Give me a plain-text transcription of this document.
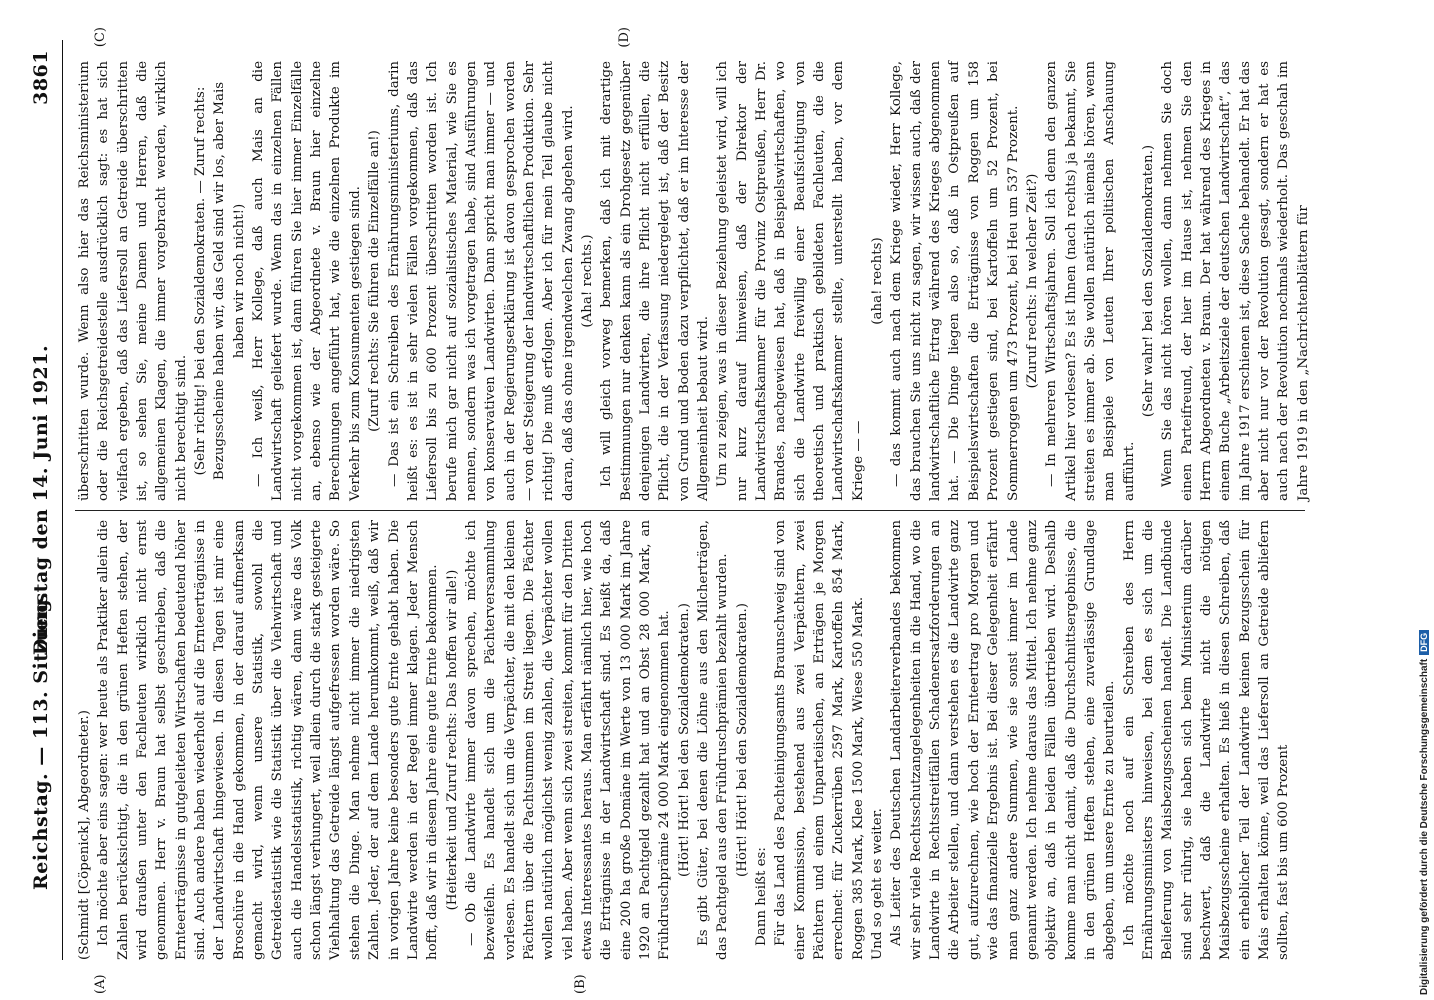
Reichstag. — 113. Sitzung.
Dienstag den 14. Juni 1921.
3861
(A)	(B)

(Schmidt [Cöpenick], Abgeordneter.) Ich möchte aber eins sagen: wer heute als Praktiker allein die Zahlen berücksichtigt, die in den grünen Heften stehen, der wird draußen unter den Fachleuten wirklich nicht ernst genommen. Herr v. Braun hat selbst geschrieben, daß die Ernteerträgnisse in gutgeleiteten Wirtschaften bedeutend höher sind. Auch andere haben wiederholt auf die Ernteerträgnisse in der Landwirtschaft hingewiesen. In diesen Tagen ist mir eine Broschüre in die Hand gekommen, in der darauf aufmerksam gemacht wird, wenn unsere Statistik, sowohl die Getreidestatistik wie die Statistik über die Viehwirtschaft und auch die Handelsstatistik, richtig wären, dann wäre das Volk schon längst verhungert, weil allein durch die stark gesteigerte Viehhaltung das Getreide längst aufgefressen worden wäre. So stehen die Dinge. Man nehme nicht immer die niedrigsten Zahlen. Jeder, der auf dem Lande herumkommt, weiß, daß wir in vorigen Jahre keine besonders gute Ernte gehabt haben. Die Landwirte werden in der Regel immer klagen. Jeder Mensch hofft, daß wir in diesem Jahre eine gute Ernte bekommen. (Heiterkeit und Zuruf rechts: Das hoffen wir alle!) — Ob die Landwirte immer davon sprechen, möchte ich bezweifeln. Es handelt sich um die Pächterversammlung vorlesen. Es handelt sich um die Verpächter, die mit den kleinen Pächtern über die Pachtsummen im Streit liegen. Die Pächter wollen natürlich möglichst wenig zahlen, die Verpächter wollen viel haben. Aber wenn sich zwei streiten, kommt für den Dritten etwas Interessantes heraus. Man erfährt nämlich hier, wie hoch die Erträgnisse in der Landwirtschaft sind. Es heißt da, daß eine 200 ha große Domäne im Werte von 13 000 Mark im Jahre 1920 an Pachtgeld gezahlt hat und an Obst 28 000 Mark, an Frühdruschprämie 24 000 Mark eingenommen hat. (Hört! Hört! bei den Sozialdemokraten.) Es gibt Güter, bei denen die Löhne aus den Milcherträgen, das Pachtgeld aus den Frühdruschprämien bezahlt wurden. (Hört! Hört! bei den Sozialdemokraten.)

Dann heißt es: Für das Land des Pachteinigungsamts Braunschweig sind von einer Kommission, bestehend aus zwei Verpächtern, zwei Pächtern und einem Unparteiischen, an Erträgen je Morgen errechnet: für Zuckerrüben 2597 Mark, Kartoffeln 854 Mark, Roggen 385 Mark, Klee 1500 Mark, Wiese 550 Mark. Und so geht es weiter. Als Leiter des Deutschen Landarbeiterverbandes bekommen wir sehr viele Rechtsschutzangelegenheiten in die Hand, wo die Landwirte in Rechtsstreitfällen Schadenersatzforderungen an die Arbeiter stellen, und dann verstehen es die Landwirte ganz gut, aufzurechnen, wie hoch der Ernteertrag pro Morgen und wie das finanzielle Ergebnis ist. Bei dieser Gelegenheit erfährt man ganz andere Summen, wie sie sonst immer im Lande genannt werden. Ich nehme daraus das Mittel. Ich nehme ganz objektiv an, daß in beiden Fällen übertrieben wird. Deshalb komme man nicht damit, daß die Durchschnittsergebnisse, die in den grünen Heften stehen, eine zuverlässige Grundlage abgeben, um unsere Ernte zu beurteilen. Ich möchte noch auf ein Schreiben des Herrn Ernährungsministers hinweisen, bei dem es sich um die Belieferung von Maisbezugsscheinen handelt. Die Landbünde sind sehr rührig, sie haben sich beim Ministerium darüber beschwert, daß die Landwirte nicht die nötigen Maisbezugsscheine erhalten. Es hieß in diesen Schreiben, daß ein erheblicher Teil der Landwirte keinen Bezugsschein für Mais erhalten könne, weil das Liefersoll an Getreide abliefern sollten, fast bis um 600 Prozent

(C)	(D)

überschritten wurde. Wenn also hier das Reichsministerium oder die Reichsgetreidestelle ausdrücklich sagt: es hat sich vielfach ergeben, daß das Liefersoll an Getreide überschritten ist, so sehen Sie, meine Damen und Herren, daß die allgemeinen Klagen, die immer vorgebracht werden, wirklich nicht berechtigt sind. (Sehr richtig! bei den Sozialdemokraten. — Zuruf rechts: Bezugsscheine haben wir, das Geld sind wir los, aber Mais haben wir noch nicht!) — Ich weiß, Herr Kollege, daß auch Mais an die Landwirtschaft geliefert wurde. Wenn das in einzelnen Fällen nicht vorgekommen ist, dann führen Sie hier immer Einzelfälle an, ebenso wie der Abgeordnete v. Braun hier einzelne Berechnungen angeführt hat, wie die einzelnen Produkte im Verkehr bis zum Konsumenten gestiegen sind. (Zuruf rechts: Sie führen die Einzelfälle an!) — Das ist ein Schreiben des Ernährungsministeriums, darin heißt es: es ist in sehr vielen Fällen vorgekommen, daß das Liefersoll bis zu 600 Prozent überschritten worden ist. Ich berufe mich gar nicht auf sozialistisches Material, wie Sie es nennen, sondern was ich vorgetragen habe, sind Ausführungen von konservativen Landwirten. Dann spricht man immer — und auch in der Regierungserklärung ist davon gesprochen worden — von der Steigerung der landwirtschaftlichen Produktion. Sehr richtig! Die muß erfolgen. Aber ich für mein Teil glaube nicht daran, daß das ohne irgendwelchen Zwang abgehen wird. (Aha! rechts.) Ich will gleich vorweg bemerken, daß ich mit derartige Bestimmungen nur denken kann als ein Drohgesetz gegenüber denjenigen Landwirten, die ihre Pflicht nicht erfüllen, die Pflicht, die in der Verfassung niedergelegt ist, daß der Besitz von Grund und Boden dazu verpflichtet, daß er im Interesse der Allgemeinheit bebaut wird. Um zu zeigen, was in dieser Beziehung geleistet wird, will ich nur kurz darauf hinweisen, daß der Direktor der Landwirtschaftskammer für die Provinz Ostpreußen, Herr Dr. Brandes, nachgewiesen hat, daß in Beispielswirtschaften, wo sich die Landwirte freiwillig einer Beaufsichtigung von theoretisch und praktisch gebildeten Fachleuten, die die Landwirtschaftskammer stellte, unterstellt haben, vor dem Kriege — —

(aha! rechts) — das kommt auch nach dem Kriege wieder, Herr Kollege, das brauchen Sie uns nicht zu sagen, wir wissen auch, daß der landwirtschaftliche Ertrag während des Krieges abgenommen hat. — Die Dinge liegen also so, daß in Ostpreußen auf Beispielswirtschaften die Erträgnisse von Roggen um 158 Prozent gestiegen sind, bei Kartoffeln um 52 Prozent, bei Sommerroggen um 473 Prozent, bei Heu um 537 Prozent. (Zuruf rechts: In welcher Zeit?) — In mehreren Wirtschaftsjahren. Soll ich denn den ganzen Artikel hier vorlesen? Es ist Ihnen (nach rechts) ja bekannt, Sie streiten es immer ab. Sie wollen natürlich niemals hören, wenn man Beispiele von Leuten Ihrer politischen Anschauung aufführt.

(Sehr wahr! bei den Sozialdemokraten.) Wenn Sie das nicht hören wollen, dann nehmen Sie doch einen Parteifreund, der hier im Hause ist, nehmen Sie den Herrn Abgeordneten v. Braun. Der hat während des Krieges in einem Buche „Arbeitsziele der deutschen Landwirtschaft“, das im Jahre 1917 erschienen ist, diese Sache behandelt. Er hat das aber nicht nur vor der Revolution gesagt, sondern er hat es auch nach der Revolution nochmals wiederholt. Das geschah im Jahre 1919 in den „Nachrichtenblättern für

Digitalisierung gefördert durch die Deutsche ForschungsgemeinschaftDFG
